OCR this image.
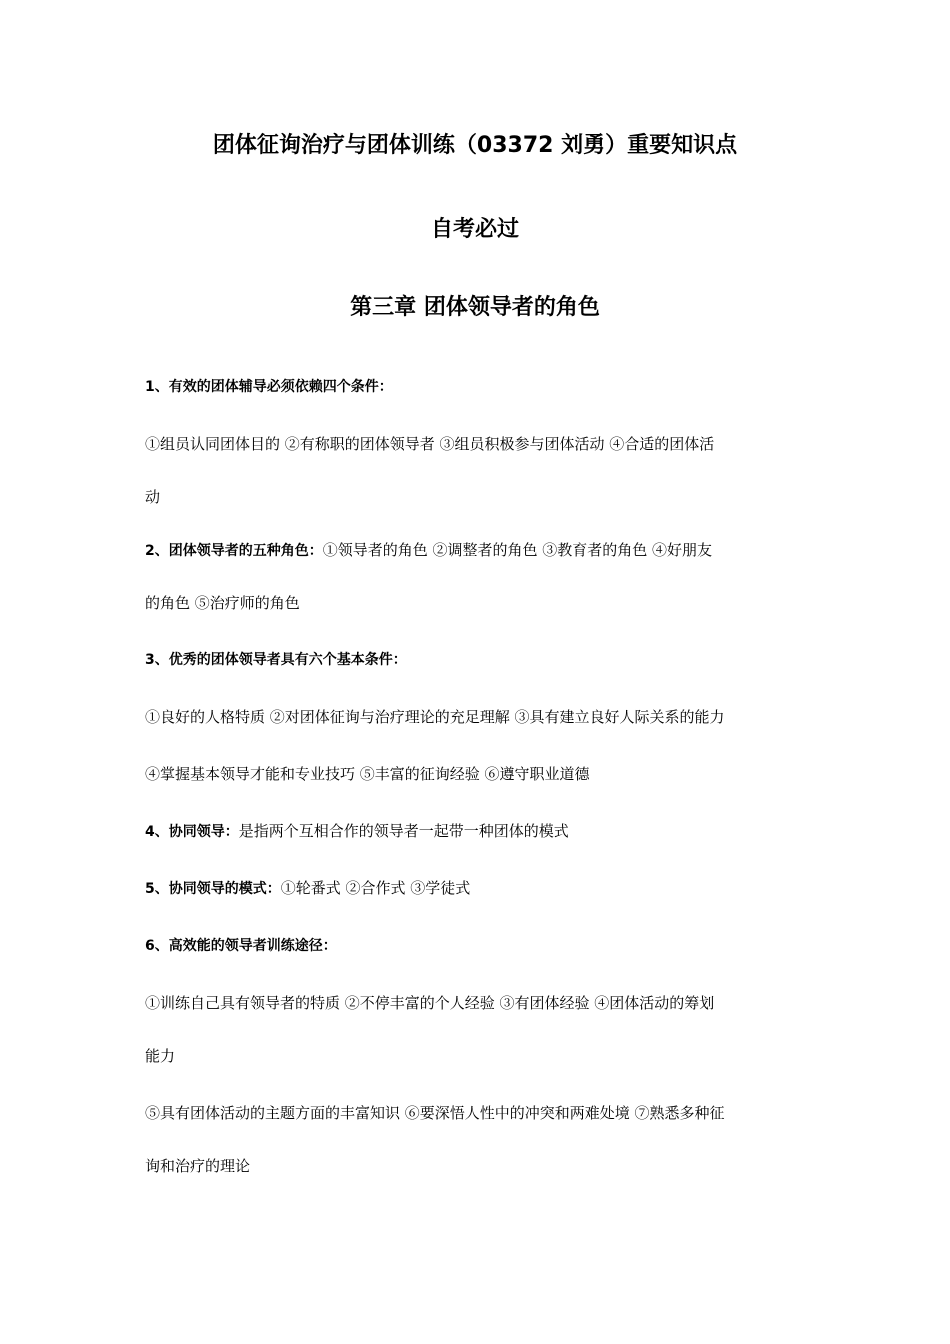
团体征询治疗与团体训练（03372 刘勇）重要知识点
自考必过
第三章 团体领导者的角色
1、有效的团体辅导必须依赖四个条件：
①组员认同团体目的 ②有称职的团体领导者 ③组员积极参与团体活动 ④合适的团体活
动
2、团体领导者的五种角色：①领导者的角色 ②调整者的角色 ③教育者的角色 ④好朋友
的角色 ⑤治疗师的角色
3、优秀的团体领导者具有六个基本条件：
①良好的人格特质 ②对团体征询与治疗理论的充足理解 ③具有建立良好人际关系的能力
④掌握基本领导才能和专业技巧 ⑤丰富的征询经验 ⑥遵守职业道德
4、协同领导：是指两个互相合作的领导者一起带一种团体的模式
5、协同领导的模式：①轮番式 ②合作式 ③学徒式
6、高效能的领导者训练途径：
①训练自己具有领导者的特质 ②不停丰富的个人经验 ③有团体经验 ④团体活动的筹划
能力
⑤具有团体活动的主题方面的丰富知识 ⑥要深悟人性中的冲突和两难处境 ⑦熟悉多种征
询和治疗的理论
